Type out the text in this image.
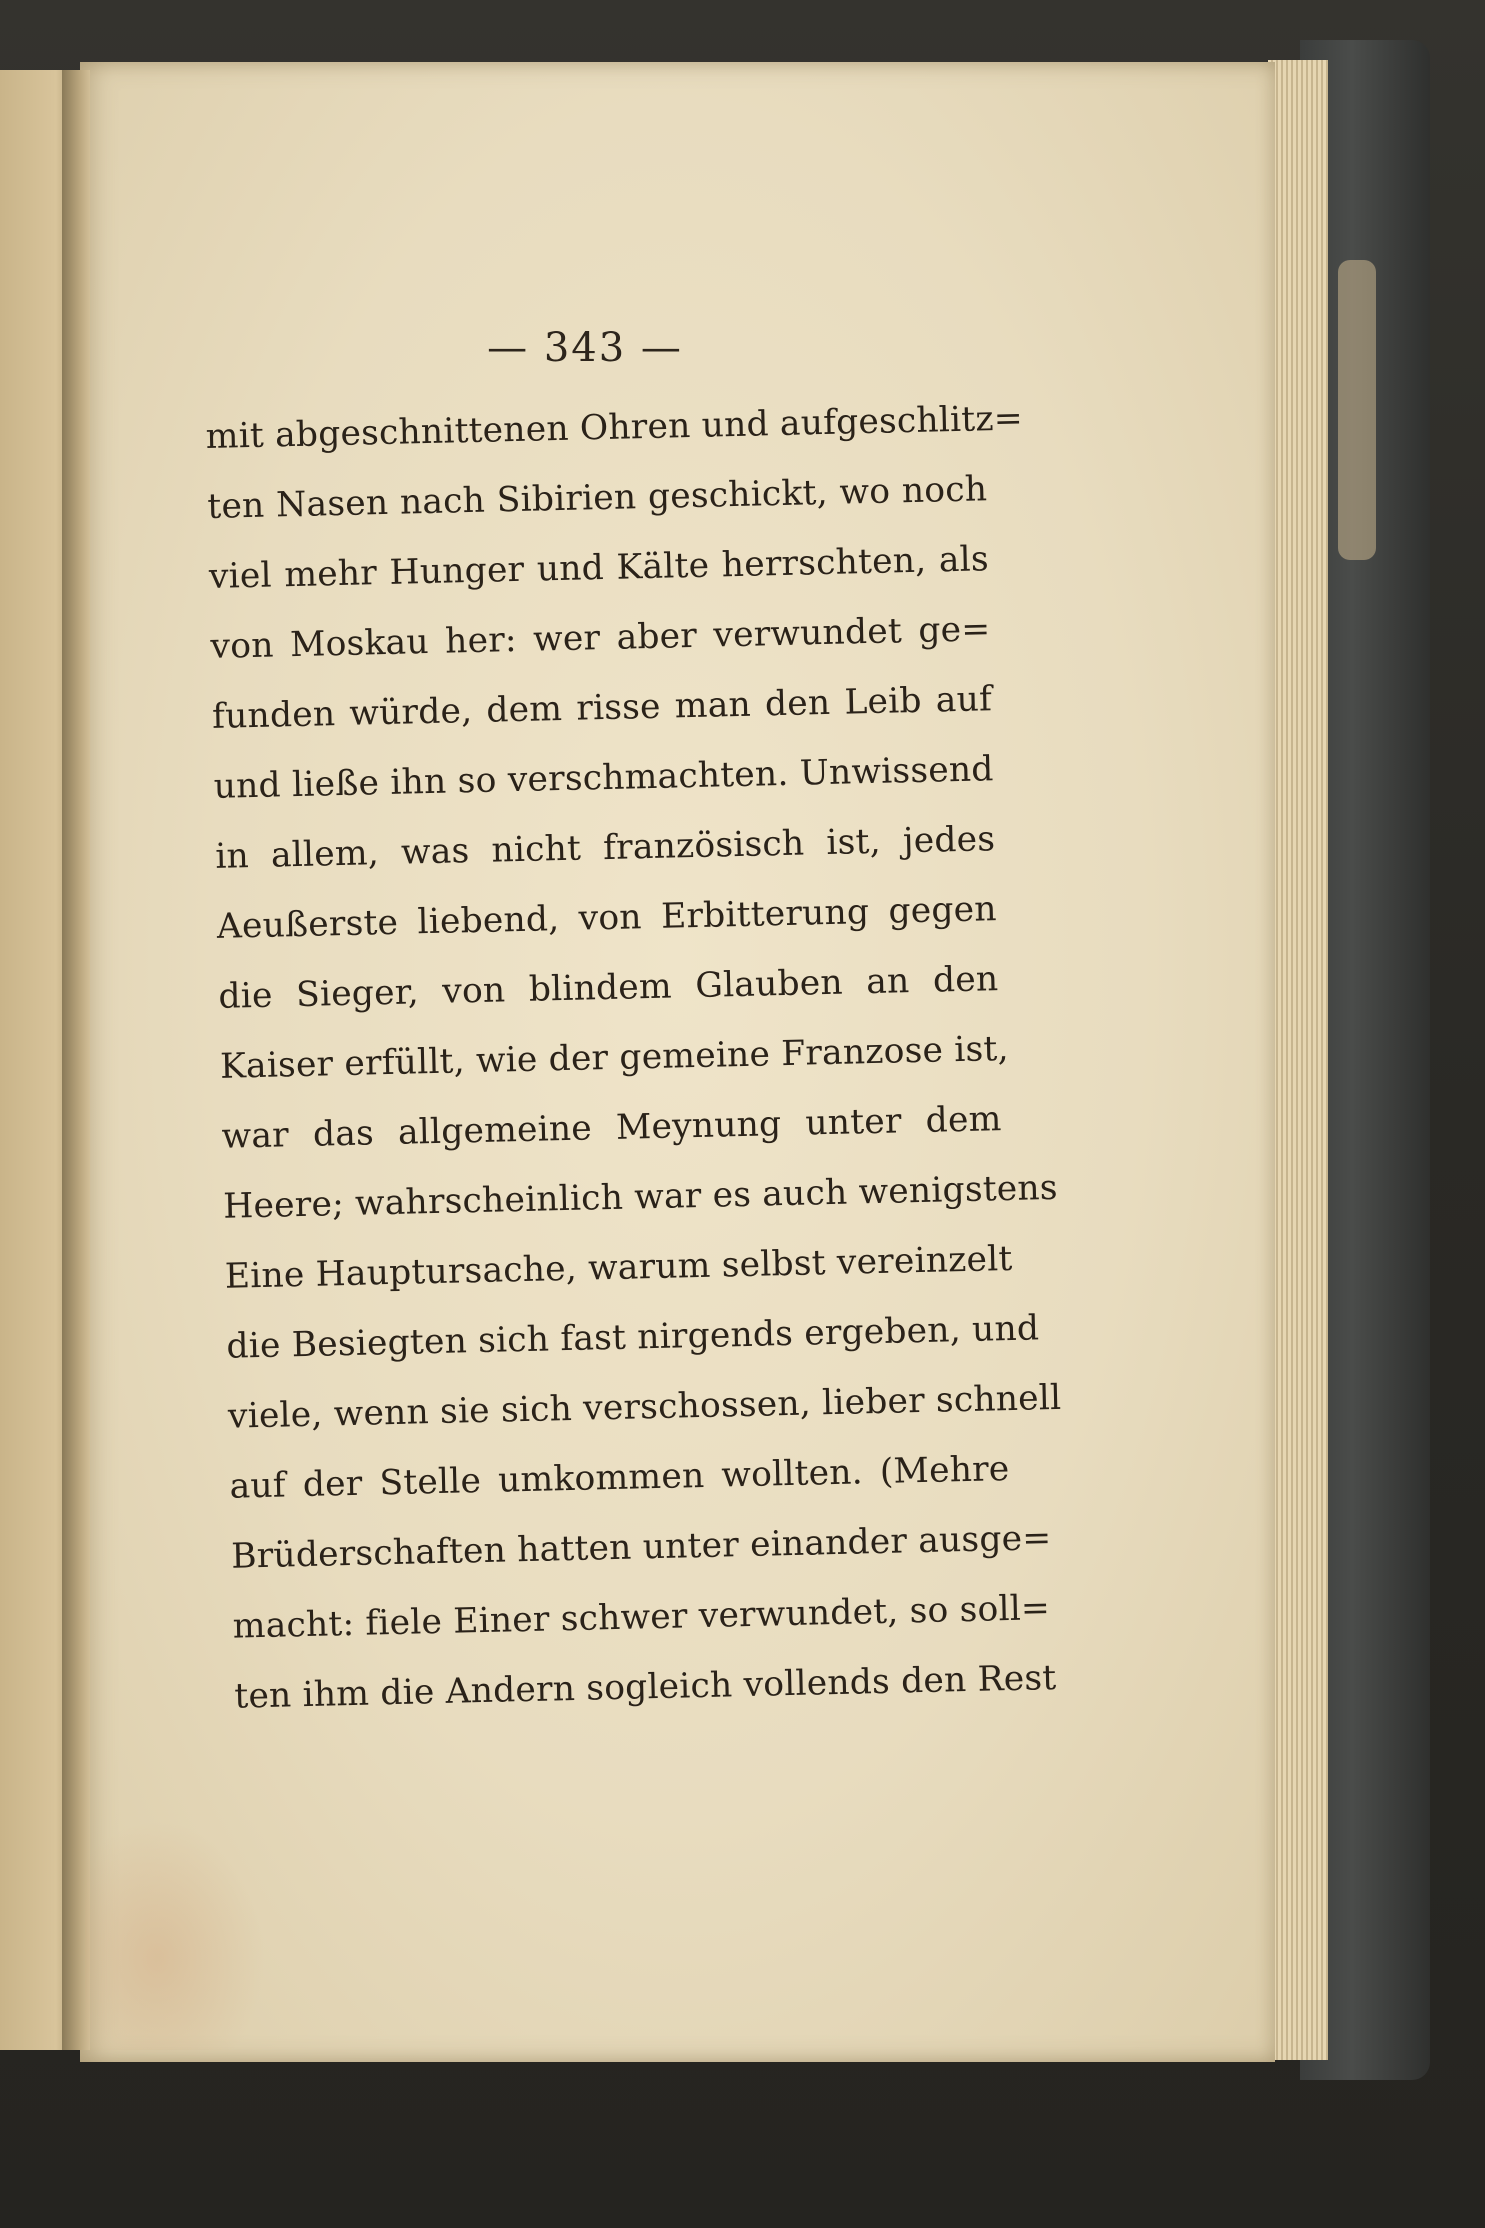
— 343 —
mit abgeschnittenen Ohren und aufgeschlitz=
ten Nasen nach Sibirien geschickt, wo noch
viel mehr Hunger und Kälte herrschten, als
von Moskau her: wer aber verwundet ge=
funden würde, dem risse man den Leib auf
und ließe ihn so verschmachten. Unwissend
in allem, was nicht französisch ist, jedes
Aeußerste liebend, von Erbitterung gegen
die Sieger, von blindem Glauben an den
Kaiser erfüllt, wie der gemeine Franzose ist,
war das allgemeine Meynung unter dem
Heere; wahrscheinlich war es auch wenigstens
Eine Hauptursache, warum selbst vereinzelt
die Besiegten sich fast nirgends ergeben, und
viele, wenn sie sich verschossen, lieber schnell
auf der Stelle umkommen wollten. (Mehre
Brüderschaften hatten unter einander ausge=
macht: fiele Einer schwer verwundet, so soll=
ten ihm die Andern sogleich vollends den Rest
